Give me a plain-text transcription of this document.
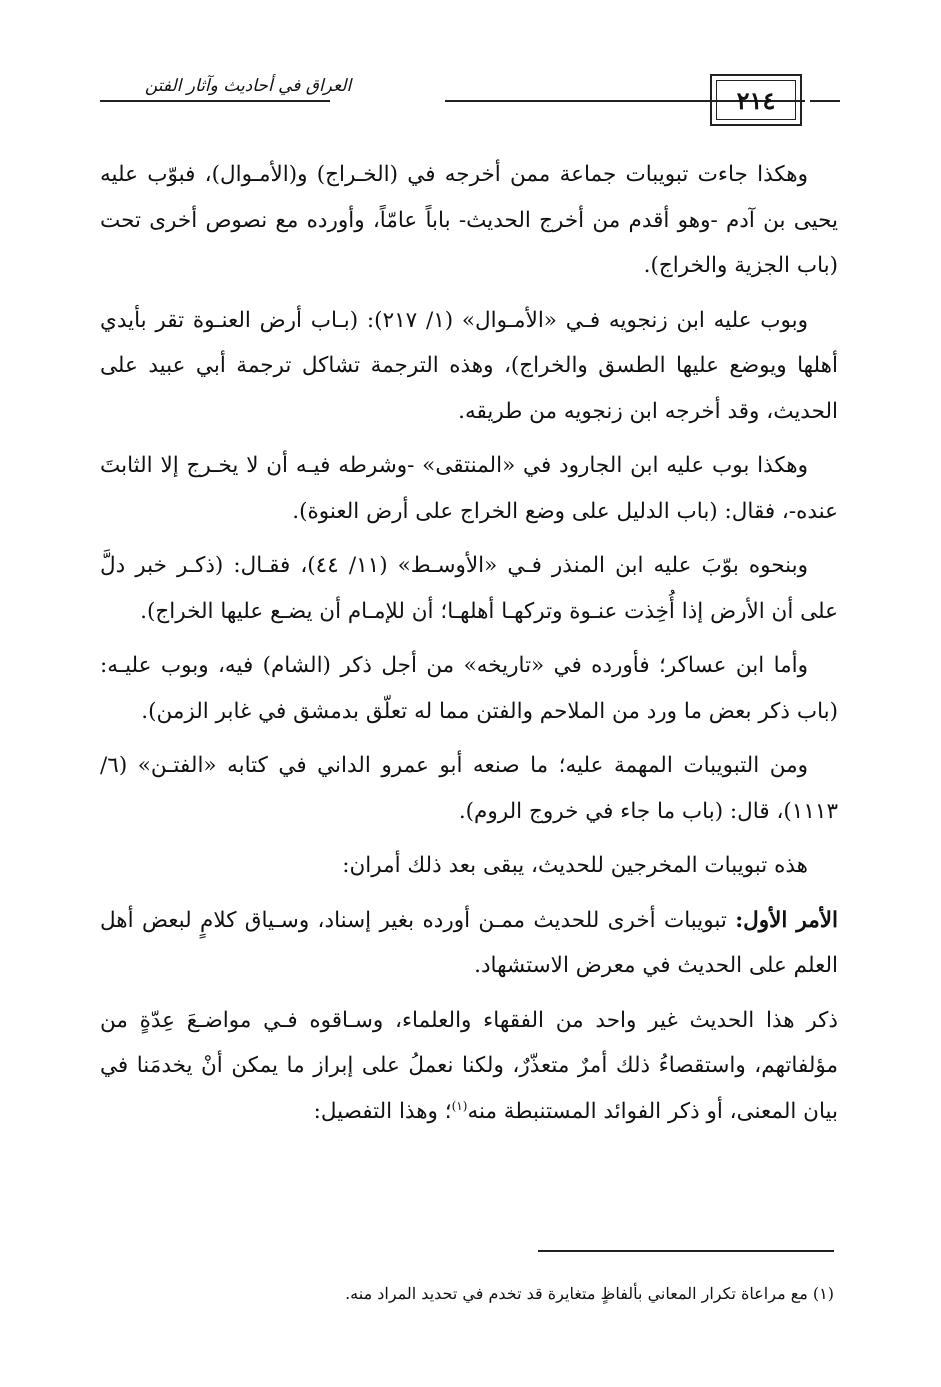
العراق في أحاديث وآثار الفتن	٢١٤

وهكذا جاءت تبويبات جماعة ممن أخرجه في (الخـراج) و(الأمـوال)، فبوّب عليه يحيى بن آدم -وهو أقدم من أخرج الحديث- باباً عامّاً، وأورده مع نصوص أخرى تحت (باب الجزية والخراج).

وبوب عليه ابن زنجويه فـي «الأمـوال» (١/ ٢١٧): (بـاب أرض العنـوة تقر بأيدي أهلها ويوضع عليها الطسق والخراج)، وهذه الترجمة تشاكل ترجمة أبي عبيد على الحديث، وقد أخرجه ابن زنجويه من طريقه.

وهكذا بوب عليه ابن الجارود في «المنتقى» -وشرطه فيـه أن لا يخـرج إلا الثابتَ عنده-، فقال: (باب الدليل على وضع الخراج على أرض العنوة).

وبنحوه بوّبَ عليه ابن المنذر فـي «الأوسـط» (١١/ ٤٤)، فقـال: (ذكـر خبر دلَّ على أن الأرض إذا أُخِذت عنـوة وتركهـا أهلهـا؛ أن للإمـام أن يضـع عليها الخراج).

وأما ابن عساكر؛ فأورده في «تاريخه» من أجل ذكر (الشام) فيه، وبوب عليـه: (باب ذكر بعض ما ورد من الملاحم والفتن مما له تعلّق بدمشق في غابر الزمن).

ومن التبويبات المهمة عليه؛ ما صنعه أبو عمرو الداني في كتابه «الفتـن» (٦/ ١١١٣)، قال: (باب ما جاء في خروج الروم).

هذه تبويبات المخرجين للحديث، يبقى بعد ذلك أمران:

الأمر الأول: تبويبات أخرى للحديث ممـن أورده بغير إسناد، وسـياق كلامٍ لبعض أهل العلم على الحديث في معرض الاستشهاد.

ذكر هذا الحديث غير واحد من الفقهاء والعلماء، وسـاقوه فـي مواضـعَ عِدّةٍ من مؤلفاتهم، واستقصاءُ ذلك أمرٌ متعذّرٌ، ولكنا نعملُ على إبراز ما يمكن أنْ يخدمَنا في بيان المعنى، أو ذكر الفوائد المستنبطة منه$^{(١)}$؛ وهذا التفصيل:

(١) مع مراعاة تكرار المعاني بألفاظٍ متغايرة قد تخدم في تحديد المراد منه.
